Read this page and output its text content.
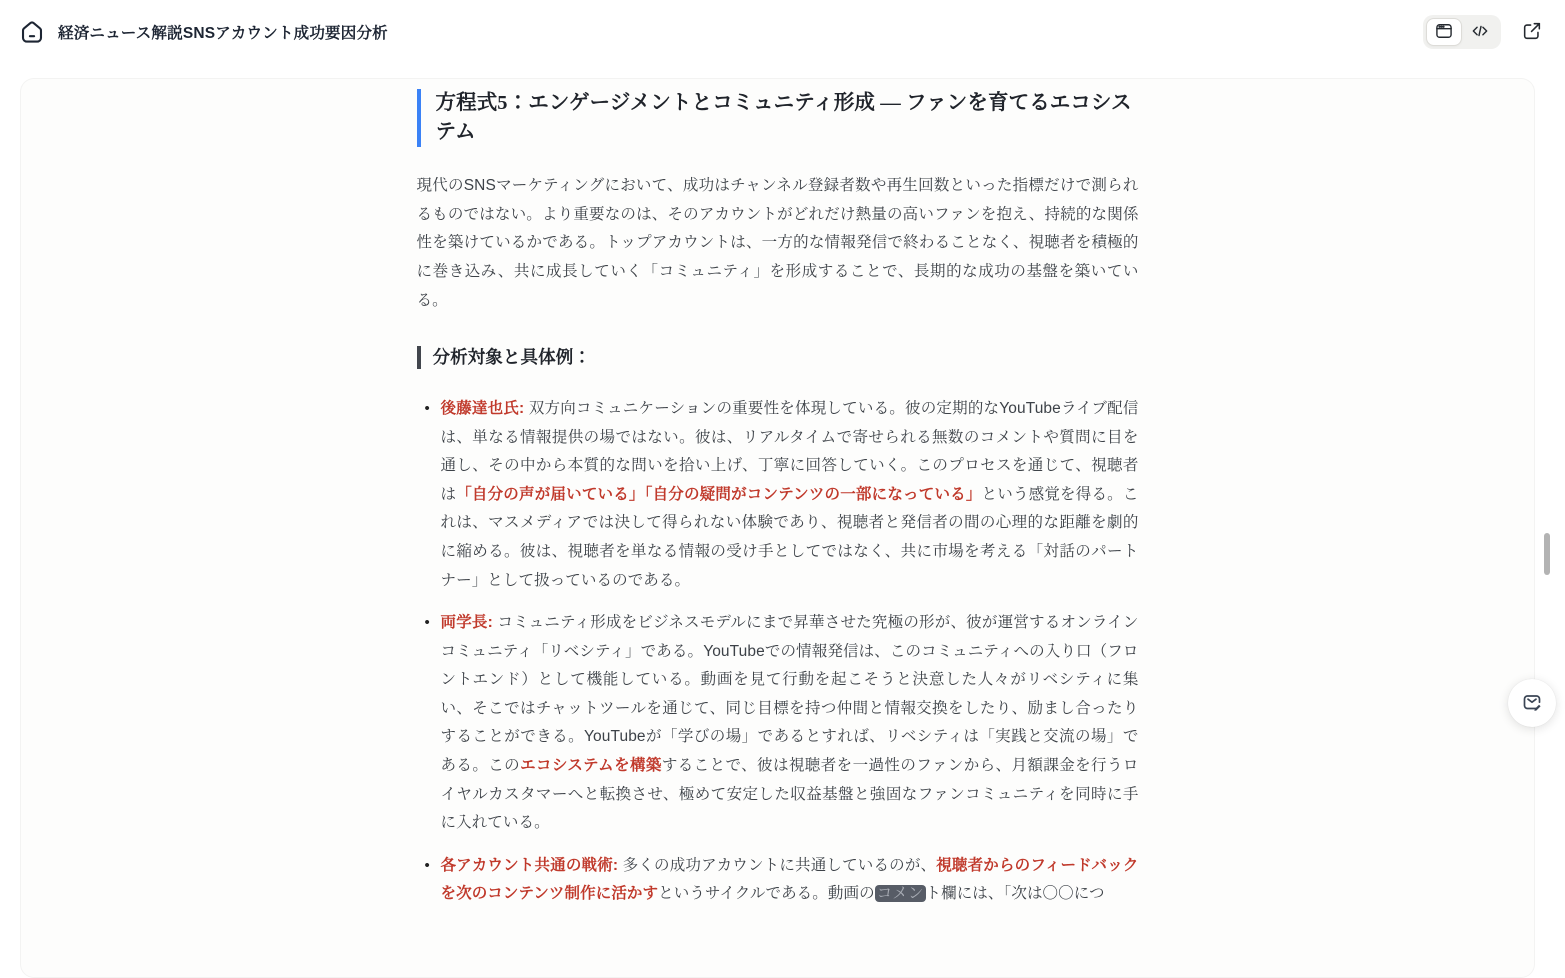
経済ニュース解説SNSアカウント成功要因分析
方程式5：エンゲージメントとコミュニティ形成 — ファンを育てるエコシステム

現代のSNSマーケティングにおいて、成功はチャンネル登録者数や再生回数といった指標だけで測られるものではない。より重要なのは、そのアカウントがどれだけ熱量の高いファンを抱え、持続的な関係性を築けているかである。トップアカウントは、一方的な情報発信で終わることなく、視聴者を積極的に巻き込み、共に成長していく「コミュニティ」を形成することで、長期的な成功の基盤を築いている。

分析対象と具体例：
• 後藤達也氏: 双方向コミュニケーションの重要性を体現している。彼の定期的なYouTubeライブ配信は、単なる情報提供の場ではない。彼は、リアルタイムで寄せられる無数のコメントや質問に目を通し、その中から本質的な問いを拾い上げ、丁寧に回答していく。このプロセスを通じて、視聴者は「自分の声が届いている」「自分の疑問がコンテンツの一部になっている」という感覚を得る。これは、マスメディアでは決して得られない体験であり、視聴者と発信者の間の心理的な距離を劇的に縮める。彼は、視聴者を単なる情報の受け手としてではなく、共に市場を考える「対話のパートナー」として扱っているのである。
• 両学長: コミュニティ形成をビジネスモデルにまで昇華させた究極の形が、彼が運営するオンラインコミュニティ「リベシティ」である。YouTubeでの情報発信は、このコミュニティへの入り口（フロントエンド）として機能している。動画を見て行動を起こそうと決意した人々がリベシティに集い、そこではチャットツールを通じて、同じ目標を持つ仲間と情報交換をしたり、励まし合ったりすることができる。YouTubeが「学びの場」であるとすれば、リベシティは「実践と交流の場」である。このエコシステムを構築することで、彼は視聴者を一過性のファンから、月額課金を行うロイヤルカスタマーへと転換させ、極めて安定した収益基盤と強固なファンコミュニティを同時に手に入れている。
• 各アカウント共通の戦術: 多くの成功アカウントに共通しているのが、視聴者からのフィードバックを次のコンテンツ制作に活かすというサイクルである。動画の コメン ト欄には、「次は〇〇につ
